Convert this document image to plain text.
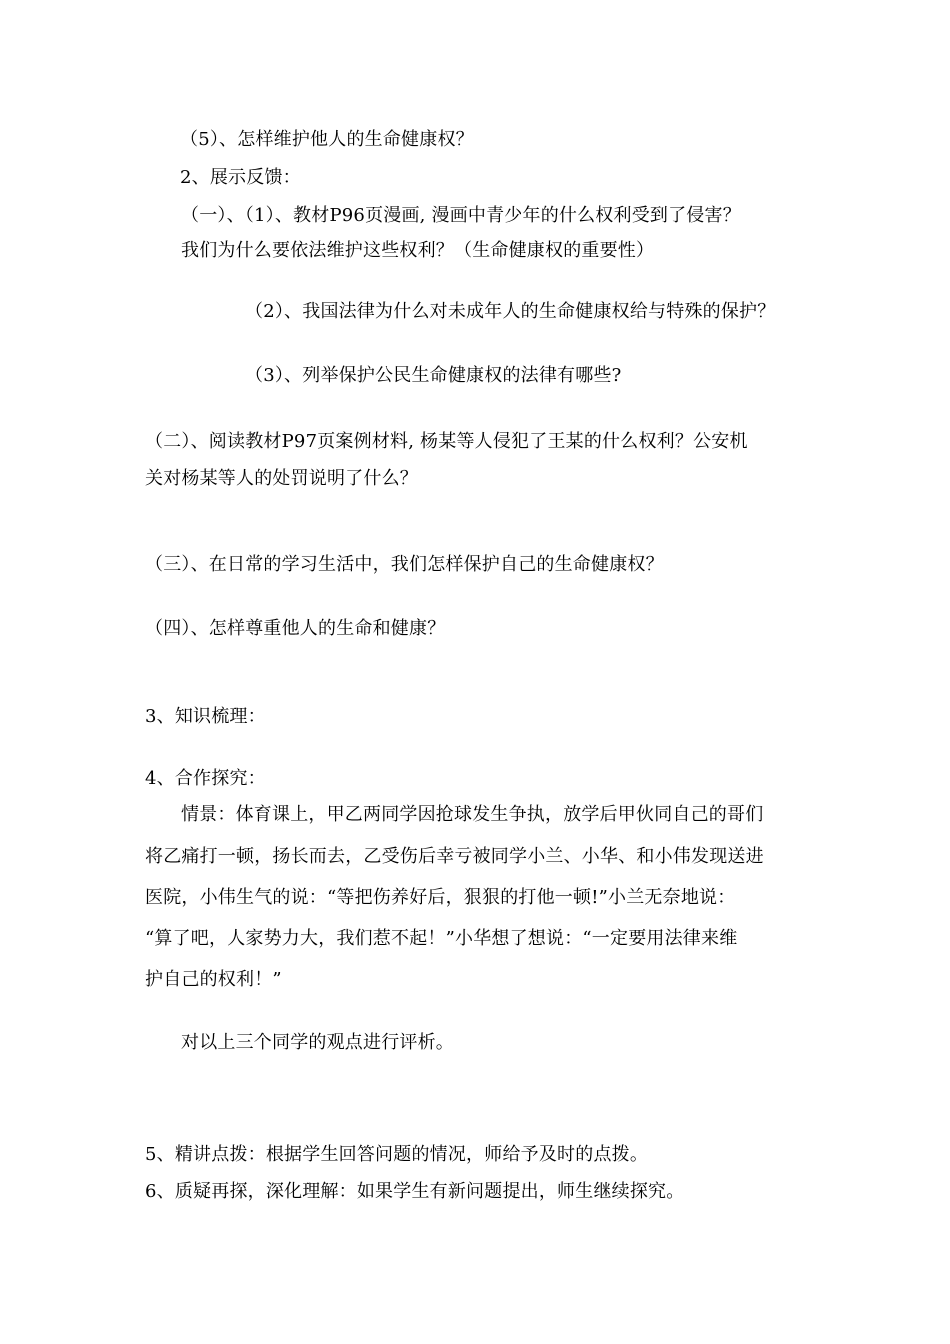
（5）、怎样维护他人的生命健康权？
2、展示反馈：
（一）、（1）、教材P96页漫画, 漫画中青少年的什么权利受到了侵害？
我们为什么要依法维护这些权利？（生命健康权的重要性）
（2）、我国法律为什么对未成年人的生命健康权给与特殊的保护？
（3）、列举保护公民生命健康权的法律有哪些?
（二）、阅读教材P97页案例材料, 杨某等人侵犯了王某的什么权利？公安机
关对杨某等人的处罚说明了什么？
（三）、在日常的学习生活中，我们怎样保护自己的生命健康权？
（四）、怎样尊重他人的生命和健康？
3、知识梳理：
4、合作探究：
情景：体育课上，甲乙两同学因抢球发生争执，放学后甲伙同自己的哥们
将乙痛打一顿，扬长而去，乙受伤后幸亏被同学小兰、小华、和小伟发现送进
医院，小伟生气的说：“等把伤养好后，狠狠的打他一顿!”小兰无奈地说：
“算了吧，人家势力大，我们惹不起！”小华想了想说：“一定要用法律来维
护自己的权利！”
对以上三个同学的观点进行评析。
5、精讲点拨：根据学生回答问题的情况，师给予及时的点拨。
6、质疑再探，深化理解：如果学生有新问题提出，师生继续探究。
